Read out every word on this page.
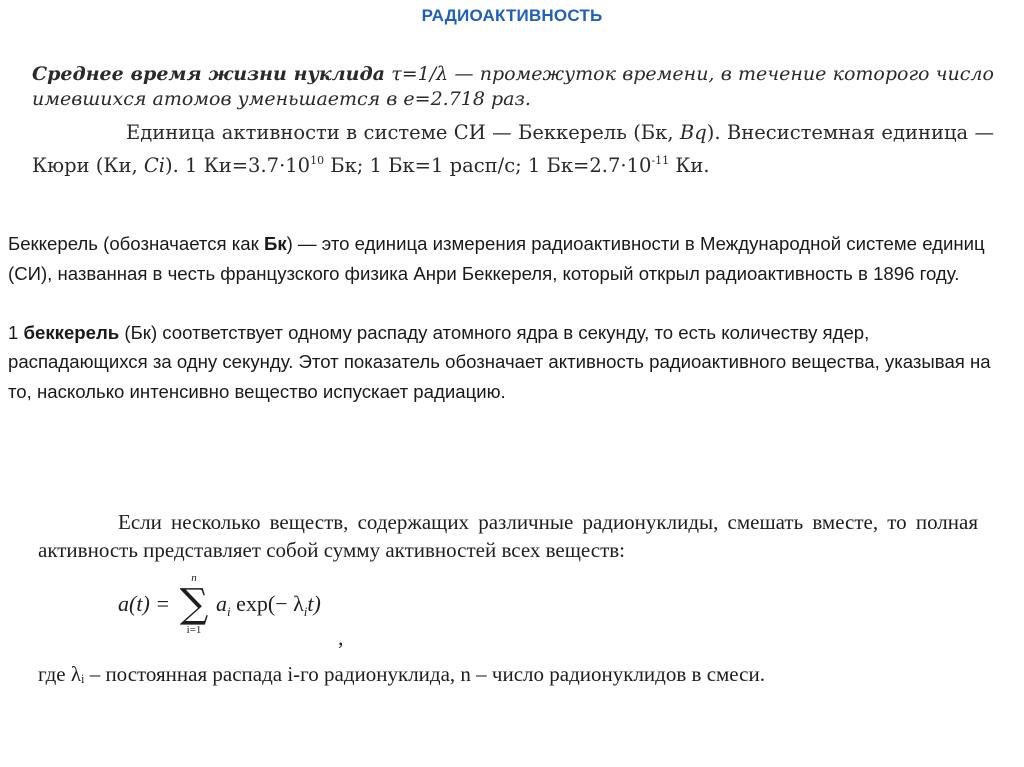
РАДИОАКТИВНОСТЬ
Среднее время жизни нуклида τ=1/λ — промежуток времени, в течение которого число имевшихся атомов уменьшается в e=2.718 раз.
Единица активности в системе СИ — Беккерель (Бк, Bq). Внесистемная единица — Кюри (Ки, Ci). 1 $Ки=3.7\cdot 10^{10}$ Бк; 1 Бк=1 расп/с; 1 $Бк=2.7\cdot 10^{-11}$ Ки.

Беккерель (обозначается как Бк) — это единица измерения радиоактивности в Международной системе единиц (СИ), названная в честь французского физика Анри Беккереля, который открыл радиоактивность в 1896 году.

1 беккерель (Бк) соответствует одному распаду атомного ядра в секунду, то есть количеству ядер, распадающихся за одну секунду. Этот показатель обозначает активность радиоактивного вещества, указывая на то, насколько интенсивно вещество испускает радиацию.

Если несколько веществ, содержащих различные радионуклиды, смешать вместе, то полная активность представляет собой сумму активностей всех веществ:
a(t) =
n
∑
i=1
$a_i$ $\exp(- \lambda_it)$
,
где λᵢ – постоянная распада i-го радионуклида, n – число радионуклидов в смеси.
